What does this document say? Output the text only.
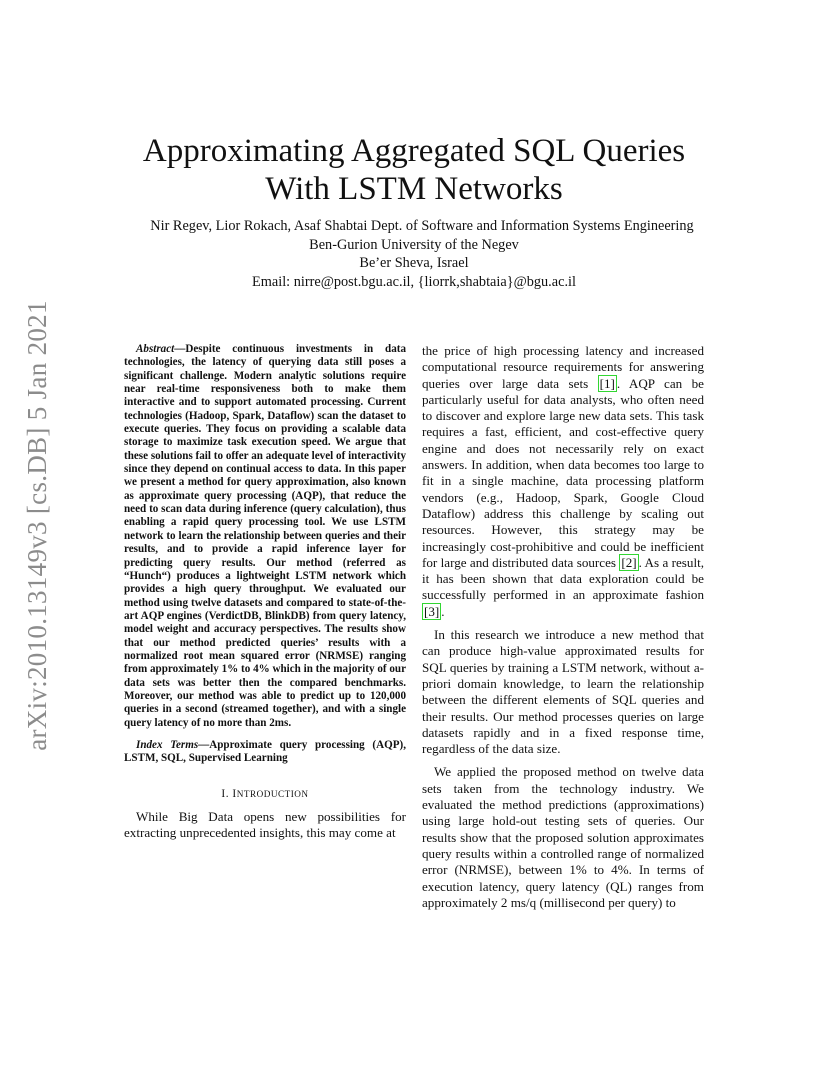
arXiv:2010.13149v3 [cs.DB] 5 Jan 2021
Approximating Aggregated SQL Queries
With LSTM Networks
Nir Regev, Lior Rokach, Asaf Shabtai Dept. of Software and Information Systems Engineering
Ben-Gurion University of the Negev
Be’er Sheva, Israel
Email: nirre@post.bgu.ac.il, {liorrk,shabtaia}@bgu.ac.il

Abstract—Despite continuous investments in data technologies, the latency of querying data still poses a significant challenge. Modern analytic solutions require near real-time responsiveness both to make them interactive and to support automated processing. Current technologies (Hadoop, Spark, Dataflow) scan the dataset to execute queries. They focus on providing a scalable data storage to maximize task execution speed. We argue that these solutions fail to offer an adequate level of interactivity since they depend on continual access to data. In this paper we present a method for query approximation, also known as approximate query processing (AQP), that reduce the need to scan data during inference (query calculation), thus enabling a rapid query processing tool. We use LSTM network to learn the relationship between queries and their results, and to provide a rapid inference layer for predicting query results. Our method (referred as “Hunch“) produces a lightweight LSTM network which provides a high query throughput. We evaluated our method using twelve datasets and compared to state-of-the-art AQP engines (VerdictDB, BlinkDB) from query latency, model weight and accuracy perspectives. The results show that our method predicted queries’ results with a normalized root mean squared error (NRMSE) ranging from approximately 1% to 4% which in the majority of our data sets was better then the compared benchmarks. Moreover, our method was able to predict up to 120,000 queries in a second (streamed together), and with a single query latency of no more than 2ms.

Index Terms—Approximate query processing (AQP), LSTM, SQL, Supervised Learning

I. INTRODUCTION

While Big Data opens new possibilities for extracting unprecedented insights, this may come at

the price of high processing latency and increased computational resource requirements for answering queries over large data sets [1] . AQP can be particularly useful for data analysts, who often need to discover and explore large new data sets. This task requires a fast, efficient, and cost-effective query engine and does not necessarily rely on exact answers. In addition, when data becomes too large to fit in a single machine, data processing platform vendors (e.g., Hadoop, Spark, Google Cloud Dataflow) address this challenge by scaling out resources. However, this strategy may be increasingly cost-prohibitive and could be inefficient for large and distributed data sources [2] . As a result, it has been shown that data exploration could be successfully performed in an approximate fashion [3] .

In this research we introduce a new method that can produce high-value approximated results for SQL queries by training a LSTM network, without a-priori domain knowledge, to learn the relationship between the different elements of SQL queries and their results. Our method processes queries on large datasets rapidly and in a fixed response time, regardless of the data size.

We applied the proposed method on twelve data sets taken from the technology industry. We evaluated the method predictions (approximations) using large hold-out testing sets of queries. Our results show that the proposed solution approximates query results within a controlled range of normalized error (NRMSE), between 1% to 4%. In terms of execution latency, query latency (QL) ranges from approximately 2 ms/q (millisecond per query) to
